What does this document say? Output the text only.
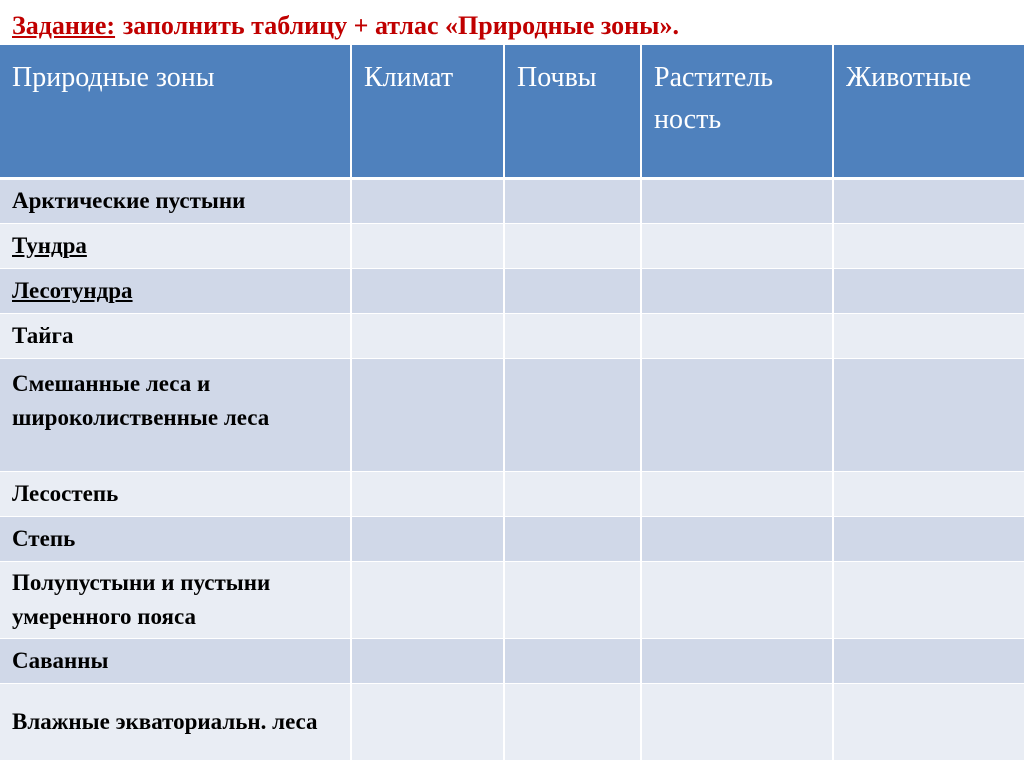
Задание: заполнить таблицу + атлас «Природные зоны».
Природные зоны	Климат	Почвы	Раститель ность	Животные
Арктические пустыни				
Тундра				
Лесотундра				
Тайга				
Смешанные леса и широколиственные леса				
Лесостепь				
Степь				
Полупустыни и пустыни умеренного пояса				
Саванны				
Влажные экваториальн. леса				
